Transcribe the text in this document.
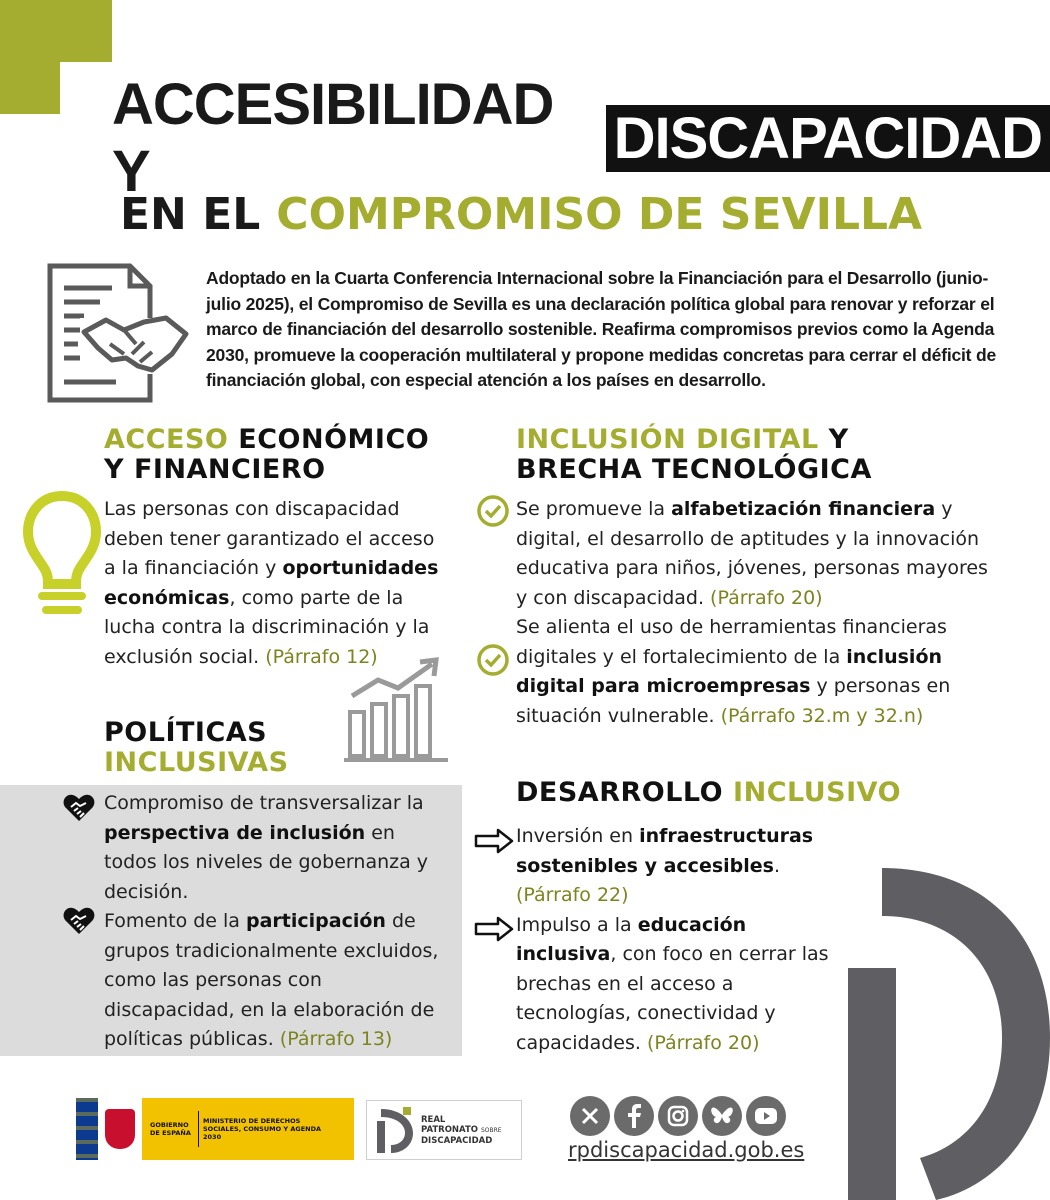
ACCESIBILIDAD Y
DISCAPACIDAD
EN EL COMPROMISO DE SEVILLA
Adoptado en la Cuarta Conferencia Internacional sobre la Financiación para el Desarrollo (junio-julio 2025), el Compromiso de Sevilla es una declaración política global para renovar y reforzar el marco de financiación del desarrollo sostenible. Reafirma compromisos previos como la Agenda 2030, promueve la cooperación multilateral y propone medidas concretas para cerrar el déficit de financiación global, con especial atención a los países en desarrollo.
ACCESO ECONÓMICO
Y FINANCIERO
Las personas con discapacidad deben tener garantizado el acceso a la financiación y oportunidades económicas, como parte de la lucha contra la discriminación y la exclusión social. (Párrafo 12)
POLÍTICAS
INCLUSIVAS
Compromiso de transversalizar la perspectiva de inclusión en todos los niveles de gobernanza y decisión.
Fomento de la participación de grupos tradicionalmente excluidos, como las personas con discapacidad, en la elaboración de políticas públicas. (Párrafo 13)
INCLUSIÓN DIGITAL Y
BRECHA TECNOLÓGICA
Se promueve la alfabetización financiera y digital, el desarrollo de aptitudes y la innovación educativa para niños, jóvenes, personas mayores y con discapacidad. (Párrafo 20)
Se alienta el uso de herramientas financieras digitales y el fortalecimiento de la inclusión digital para microempresas y personas en situación vulnerable. (Párrafo 32.m y 32.n)
DESARROLLO INCLUSIVO
Inversión en infraestructuras sostenibles y accesibles. (Párrafo 22)
Impulso a la educación inclusiva, con foco en cerrar las brechas en el acceso a tecnologías, conectividad y capacidades. (Párrafo 20)
GOBIERNO DE ESPAÑA
MINISTERIO DE DERECHOS SOCIALES, CONSUMO Y AGENDA 2030
REAL
PATRONATO SOBRE
DISCAPACIDAD	rpdiscapacidad.gob.es
